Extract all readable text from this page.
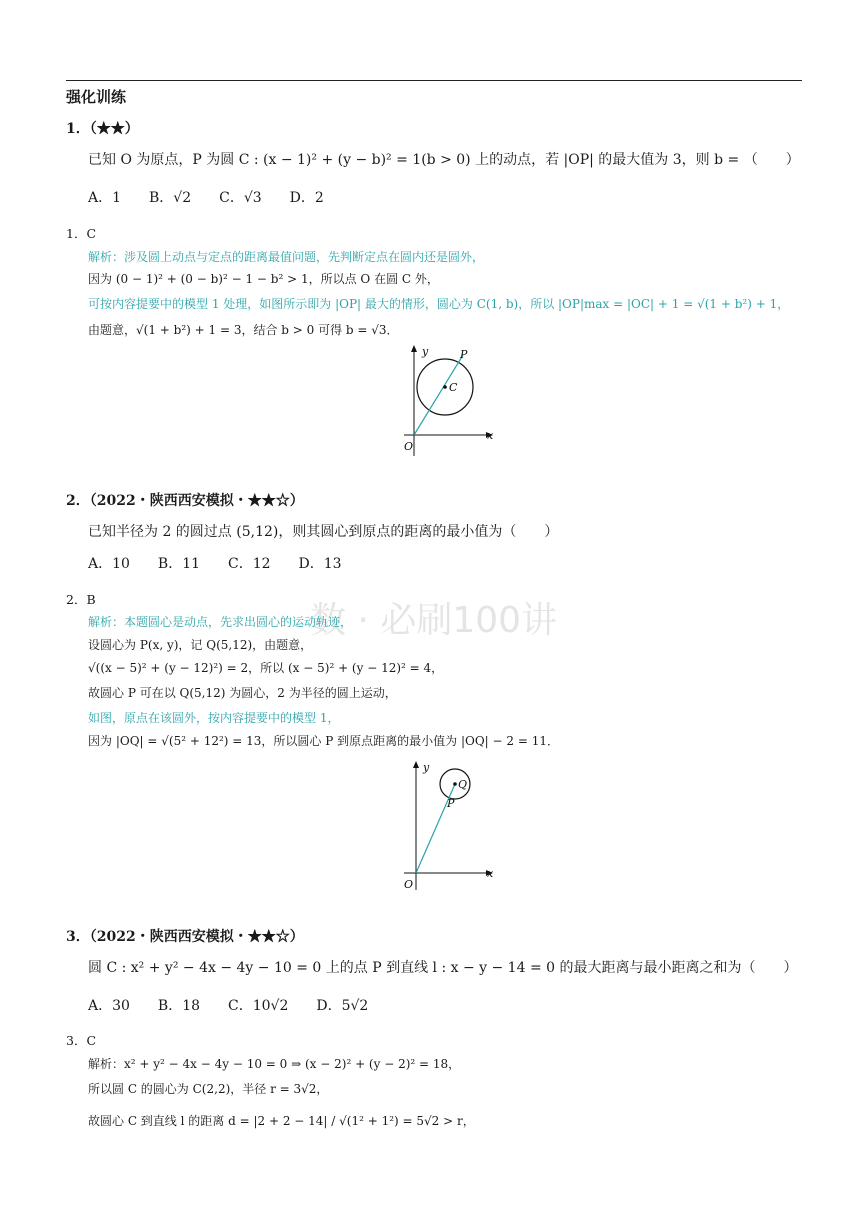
数 · 必刷100讲
强化训练
1．（★★）
已知 O 为原点，P 为圆 C : (x − 1)² + (y − b)² = 1(b > 0) 上的动点，若 |OP| 的最大值为 3，则 b = （　　）
A．1　　B．√2　　C．√3　　D．2
1．C
解析：涉及圆上动点与定点的距离最值问题，先判断定点在圆内还是圆外，
因为 (0 − 1)² + (0 − b)² − 1 − b² > 1，所以点 O 在圆 C 外，
可按内容提要中的模型 1 处理，如图所示即为 |OP| 最大的情形，圆心为 C(1, b)，所以 |OP|max = |OC| + 1 = √(1 + b²) + 1，
由题意，√(1 + b²) + 1 = 3，结合 b > 0 可得 b = √3．
y
x
O
C
P
2．（2022・陕西西安模拟・★★☆）
已知半径为 2 的圆过点 (5,12)，则其圆心到原点的距离的最小值为（　　）
A．10　　B．11　　C．12　　D．13
2．B
解析：本题圆心是动点，先求出圆心的运动轨迹，
设圆心为 P(x, y)，记 Q(5,12)，由题意，
√((x − 5)² + (y − 12)²) = 2，所以 (x − 5)² + (y − 12)² = 4，
故圆心 P 可在以 Q(5,12) 为圆心，2 为半径的圆上运动，
如图，原点在该圆外，按内容提要中的模型 1，
因为 |OQ| = √(5² + 12²) = 13，所以圆心 P 到原点距离的最小值为 |OQ| − 2 = 11．
y
x
O
Q
P
3．（2022・陕西西安模拟・★★☆）
圆 C : x² + y² − 4x − 4y − 10 = 0 上的点 P 到直线 l : x − y − 14 = 0 的最大距离与最小距离之和为（　　）
A．30　　B．18　　C．10√2　　D．5√2
3．C
解析：x² + y² − 4x − 4y − 10 = 0 ⇒ (x − 2)² + (y − 2)² = 18，
所以圆 C 的圆心为 C(2,2)，半径 r = 3√2，
故圆心 C 到直线 l 的距离 d = |2 + 2 − 14| / √(1² + 1²) = 5√2 > r，
